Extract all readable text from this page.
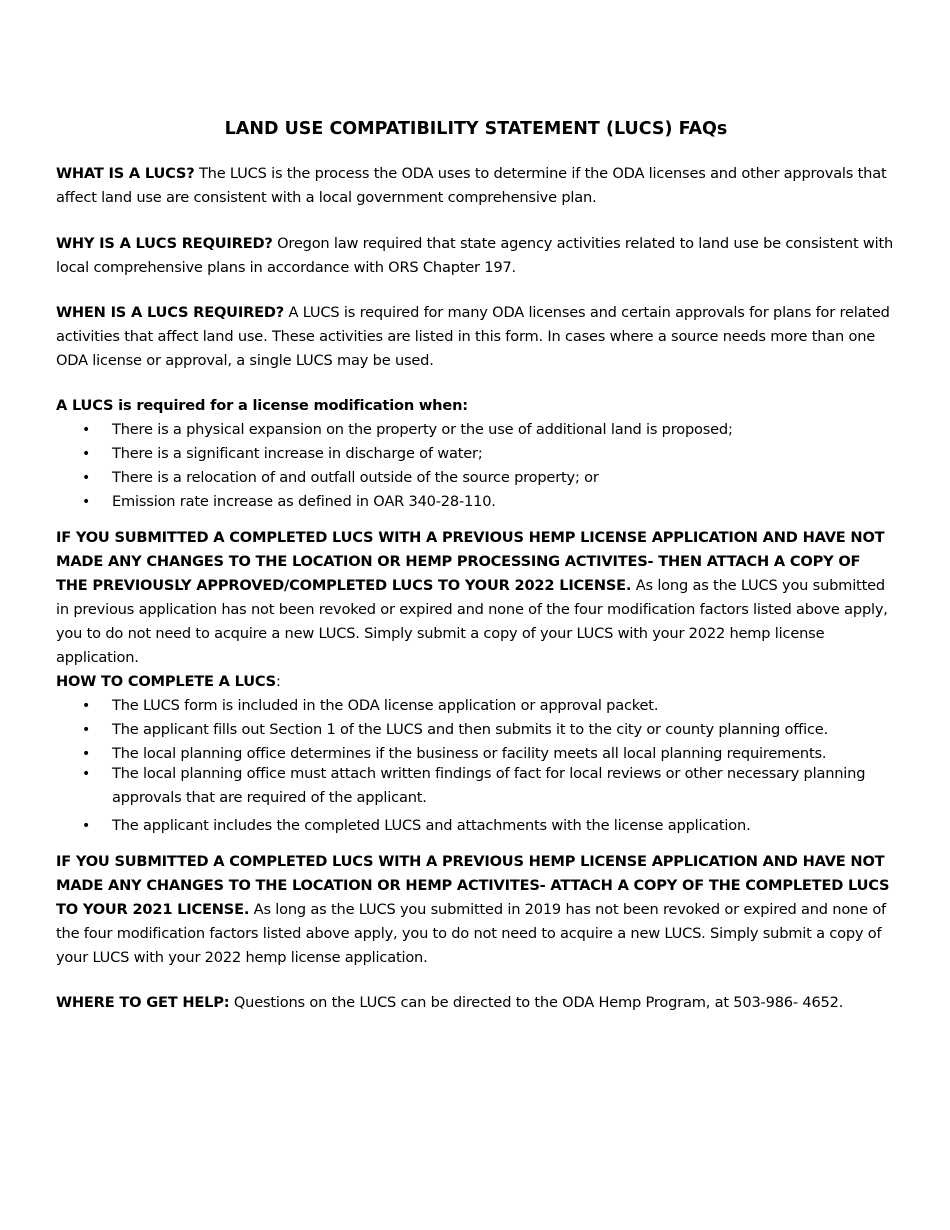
LAND USE COMPATIBILITY STATEMENT (LUCS) FAQs

WHAT IS A LUCS? The LUCS is the process the ODA uses to determine if the ODA licenses and other approvals that affect land use are consistent with a local government comprehensive plan.

WHY IS A LUCS REQUIRED? Oregon law required that state agency activities related to land use be consistent with local comprehensive plans in accordance with ORS Chapter 197.

WHEN IS A LUCS REQUIRED? A LUCS is required for many ODA licenses and certain approvals for plans for related activities that affect land use. These activities are listed in this form. In cases where a source needs more than one ODA license or approval, a single LUCS may be used.

A LUCS is required for a license modification when:

• There is a physical expansion on the property or the use of additional land is proposed;
• There is a significant increase in discharge of water;
• There is a relocation of and outfall outside of the source property; or
• Emission rate increase as defined in OAR 340-28-110.

IF YOU SUBMITTED A COMPLETED LUCS WITH A PREVIOUS HEMP LICENSE APPLICATION AND HAVE NOT MADE ANY CHANGES TO THE LOCATION OR HEMP PROCESSING ACTIVITES- THEN ATTACH A COPY OF THE PREVIOUSLY APPROVED/COMPLETED LUCS TO YOUR 2022 LICENSE. As long as the LUCS you submitted in previous application has not been revoked or expired and none of the four modification factors listed above apply, you to do not need to acquire a new LUCS. Simply submit a copy of your LUCS with your 2022 hemp license application.

HOW TO COMPLETE A LUCS:

• The LUCS form is included in the ODA license application or approval packet.
• The applicant fills out Section 1 of the LUCS and then submits it to the city or county planning office.
• The local planning office determines if the business or facility meets all local planning requirements.
• The local planning office must attach written findings of fact for local reviews or other necessary planning approvals that are required of the applicant.
• The applicant includes the completed LUCS and attachments with the license application.

IF YOU SUBMITTED A COMPLETED LUCS WITH A PREVIOUS HEMP LICENSE APPLICATION AND HAVE NOT MADE ANY CHANGES TO THE LOCATION OR HEMP ACTIVITES- ATTACH A COPY OF THE COMPLETED LUCS TO YOUR 2021 LICENSE. As long as the LUCS you submitted in 2019 has not been revoked or expired and none of the four modification factors listed above apply, you to do not need to acquire a new LUCS. Simply submit a copy of your LUCS with your 2022 hemp license application.

WHERE TO GET HELP: Questions on the LUCS can be directed to the ODA Hemp Program, at 503-986- 4652.
